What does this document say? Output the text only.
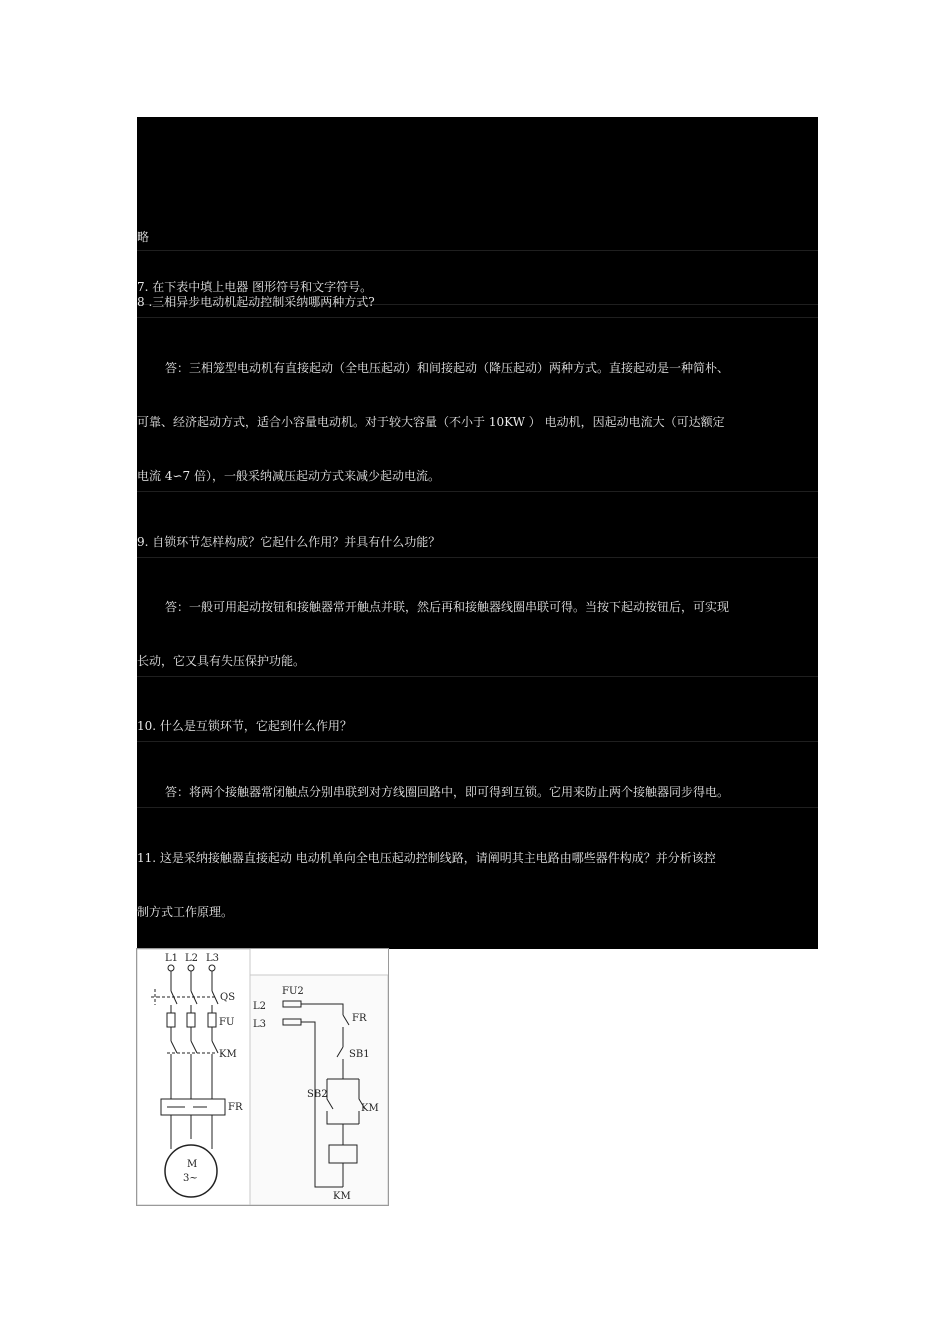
7. 在下表中填上电器 图形符号和文字符号。
略
8 .三相异步电动机起动控制采纳哪两种方式?
答：三相笼型电动机有直接起动（全电压起动）和间接起动（降压起动）两种方式。直接起动是一种简朴、
可靠、经济起动方式，适合小容量电动机。对于较大容量（不小于 10KW ） 电动机，因起动电流大（可达额定
电流 4∽7 倍），一般采纳减压起动方式来减少起动电流。
9. 自锁环节怎样构成？它起什么作用？并具有什么功能？
答：一般可用起动按钮和接触器常开触点并联，然后再和接触器线圈串联可得。当按下起动按钮后，可实现
长动，它又具有失压保护功能。
10. 什么是互锁环节，它起到什么作用？
答：将两个接触器常闭触点分别串联到对方线圈回路中，即可得到互锁。它用来防止两个接触器同步得电。
11. 这是采纳接触器直接起动 电动机单向全电压起动控制线路，请阐明其主电路由哪些器件构成？并分析该控
制方式工作原理。
L1 L2 L3
QS
FU
KM
FR
M
3~
FU2
L2
L3
FR
SB1
SB2
KM
KM
